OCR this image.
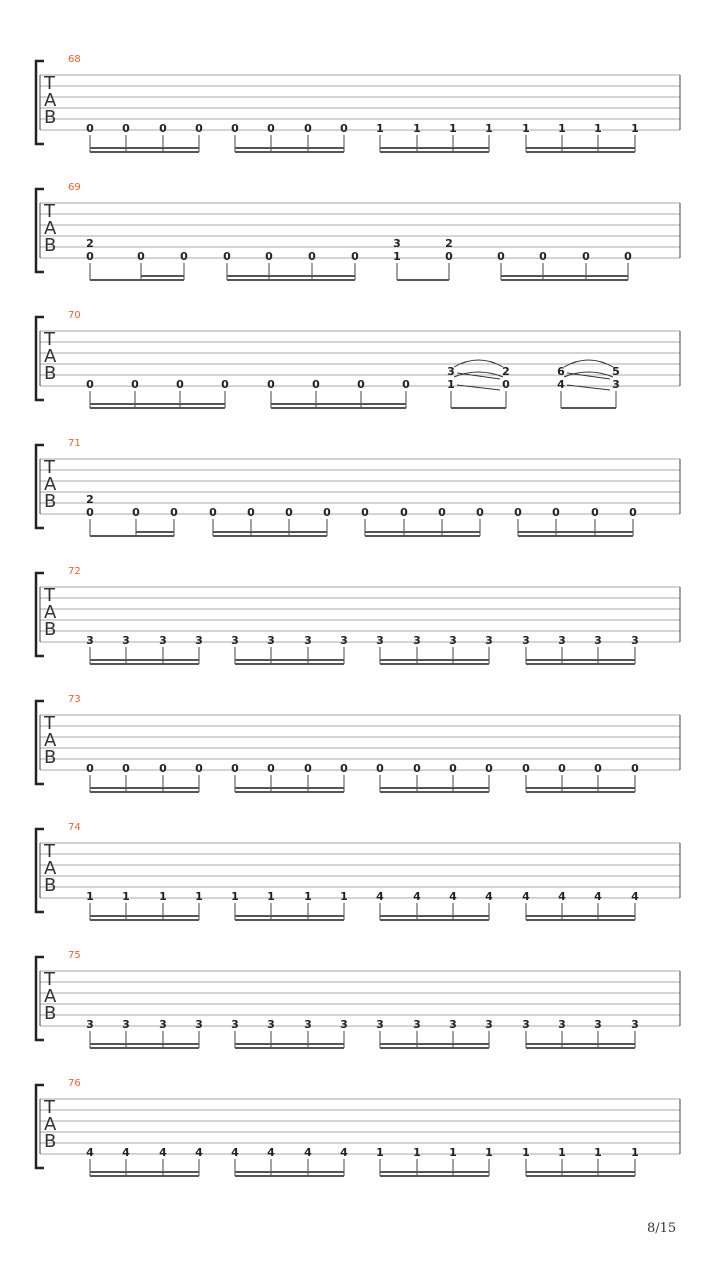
68
T
A
B
0	0	0	0	0	0	0	0	1	1	1	1	1	1	1	1
69
T
A
B
0
2
0	0	0	0	0	0	1
3
0
2
0	0	0	0
70
T
A
B
0	0	0	0	0	0	0	0	1
3
0
2
4
6
3
5
71
T
A
B
0
2
0	0	0	0	0	0	0	0	0	0	0	0	0	0
72
T
A
B
3	3	3	3	3	3	3	3	3	3	3	3	3	3	3	3
73
T
A
B
0	0	0	0	0	0	0	0	0	0	0	0	0	0	0	0
74
T
A
B
1	1	1	1	1	1	1	1	4	4	4	4	4	4	4	4
75
T
A
B
3	3	3	3	3	3	3	3	3	3	3	3	3	3	3	3
76
T
A
B
4	4	4	4	4	4	4	4	1	1	1	1	1	1	1	1
8/15
